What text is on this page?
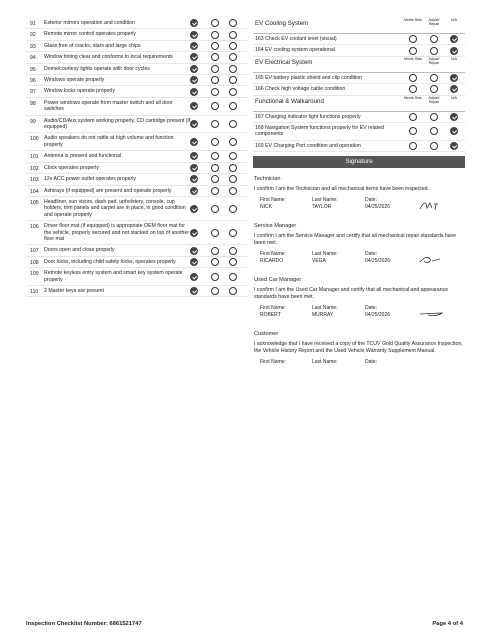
91 Exterior mirrors operation and condition
92 Remote mirror control operates properly
93 Glass free of cracks, stars and large chips
94 Window tinting clear and conforms to local requirements
95 Dome/courtesy lights operate with door cycles
96 Windows operate properly
97 Window locks operate properly
98 Power windows operate from master switch and all door switches
99 Audio/CD/Aux system working properly, CD cartridge present (if equipped)
100 Audio speakers do not rattle at high volume and function properly
101 Antenna is present and functional
102 Clock operates properly
103 12v ACC power outlet operates properly
104 Ashtrays (if equipped) are present and operate properly
105 Headliner, sun visors, dash pad, upholstery, console, cup holders, trim panels and carpet are in place, in good condition and operate properly
106 Driver floor mat (if equipped) is appropriate OEM floor mat for the vehicle, properly secured and not stacked on top of another floor mat
107 Doors open and close properly
108 Door locks, including child safety locks, operates properly
109 Remote keyless entry system and smart key system operate properly
110 2 Master keys are present
EV Cooling System	Meets Stds	Adjust/ Repair
N/A
163 Check EV coolant level (visual)
164 EV cooling system operational
EV Electrical System	Meets Stds	Adjust/ Repair
N/A
165 EV battery plastic shield and clip condition
166 Check high voltage cable condition
Functional & Walkaround	Meets Stds	Adjust/ Repair
N/A
167 Charging indicator light functions properly
168 Navigation System functions properly for EV related components
169 EV Charging Port condition and operation
Signature
Technician
I confirm I am the Technician and all mechanical items have been inspected.
First Name:	Last Name:	Date:
NICK	TAYLOR	04/25/2026
Service Manager
I confirm I am the Service Manager and certify that all mechanical repair standards have been met.
First Name:	Last Name:	Date:
RICARDO	VEGA	04/25/2026
Used Car Manager
I confirm I am the Used Car Manager and certify that all mechanical and appearance standards have been met.
First Name:	Last Name:	Date:
ROBERT	MURRAY	04/25/2026
Customer
I acknowledge that I have received a copy of the TCUV Gold Quality Assurance Inspection, the Vehicle History Report and the Used Vehicle Warranty Supplement Manual.
First Name:	Last Name:	Date:
Inspection Checklist Number: 6861521747	Page 4 of 4
